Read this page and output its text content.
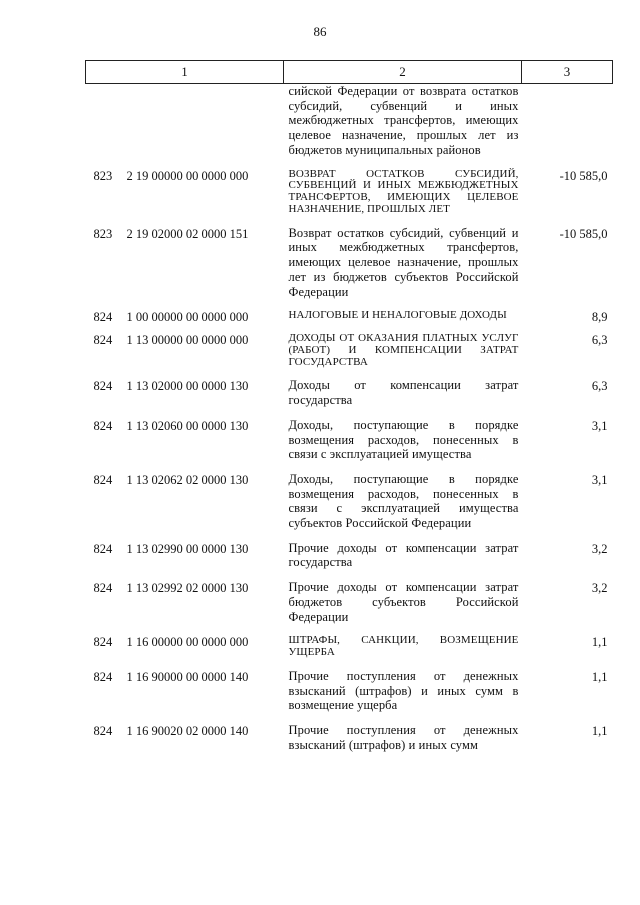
86
1	2	3
	сийской Федерации от возврата остатков субсидий, субвенций и иных межбюджетных трансфертов, имеющих целевое назначение, прошлых лет из бюджетов муниципальных районов	
823 2 19 00000 00 0000 000	ВОЗВРАТ ОСТАТКОВ СУБСИДИЙ, СУБВЕНЦИЙ И ИНЫХ МЕЖБЮДЖЕТНЫХ ТРАНСФЕРТОВ, ИМЕЮЩИХ ЦЕЛЕВОЕ НАЗНАЧЕНИЕ, ПРОШЛЫХ ЛЕТ	-10 585,0
823 2 19 02000 02 0000 151	Возврат остатков субсидий, субвенций и иных межбюджетных трансфертов, имеющих целевое назначение, прошлых лет из бюджетов субъектов Российской Федерации	-10 585,0
824 1 00 00000 00 0000 000	НАЛОГОВЫЕ И НЕНАЛОГОВЫЕ ДОХОДЫ	8,9
824 1 13 00000 00 0000 000	ДОХОДЫ ОТ ОКАЗАНИЯ ПЛАТНЫХ УСЛУГ (РАБОТ) И КОМПЕНСАЦИИ ЗАТРАТ ГОСУДАРСТВА	6,3
824 1 13 02000 00 0000 130	Доходы от компенсации затрат государства	6,3
824 1 13 02060 00 0000 130	Доходы, поступающие в порядке возмещения расходов, понесенных в связи с эксплуатацией имущества	3,1
824 1 13 02062 02 0000 130	Доходы, поступающие в порядке возмещения расходов, понесенных в связи с эксплуатацией имущества субъектов Российской Федерации	3,1
824 1 13 02990 00 0000 130	Прочие доходы от компенсации затрат государства	3,2
824 1 13 02992 02 0000 130	Прочие доходы от компенсации затрат бюджетов субъектов Российской Федерации	3,2
824 1 16 00000 00 0000 000	ШТРАФЫ, САНКЦИИ, ВОЗМЕЩЕНИЕ УЩЕРБА	1,1
824 1 16 90000 00 0000 140	Прочие поступления от денежных взысканий (штрафов) и иных сумм в возмещение ущерба	1,1
824 1 16 90020 02 0000 140	Прочие поступления от денежных взысканий (штрафов) и иных сумм	1,1
